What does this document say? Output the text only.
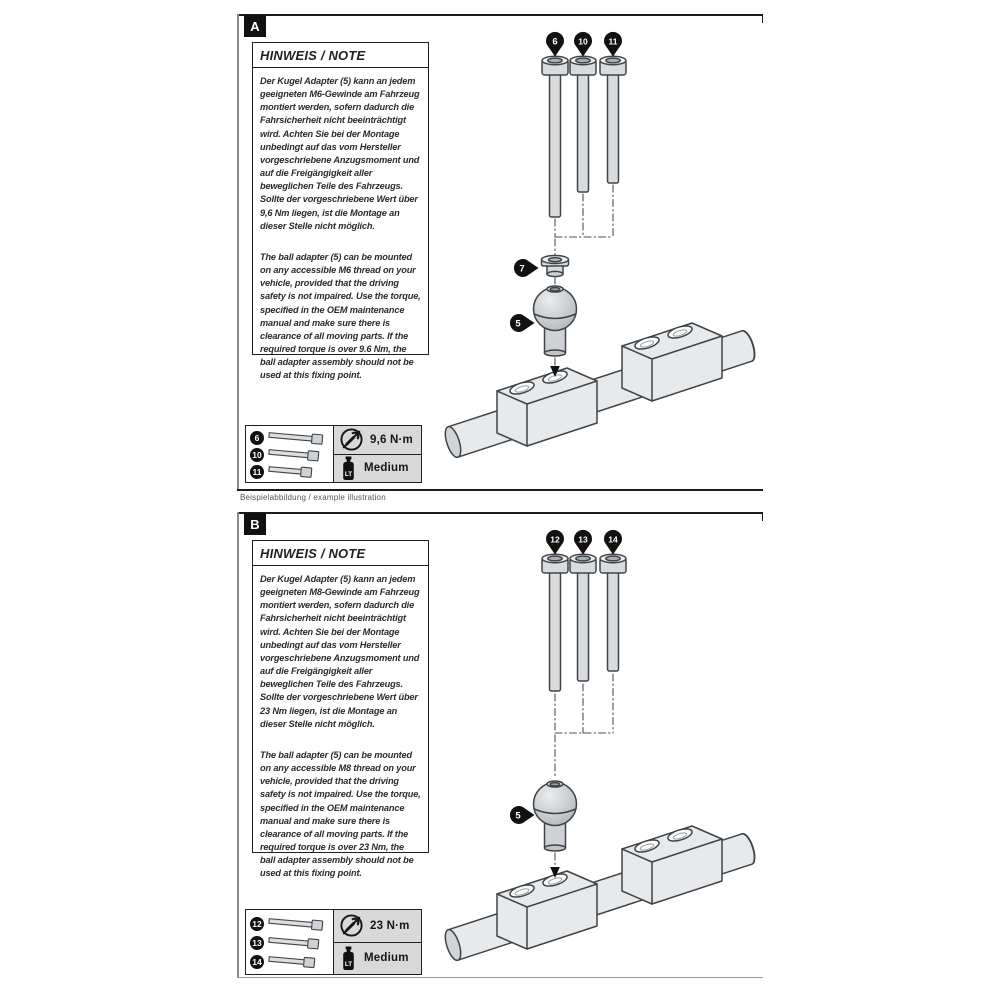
A
HINWEIS / NOTE

Der Kugel Adapter (5) kann an jedem geeigneten M6-Gewinde am Fahrzeug montiert werden, sofern dadurch die Fahrsicherheit nicht beeinträchtigt wird. Achten Sie bei der Montage unbedingt auf das vom Hersteller vorgeschriebene Anzugsmoment und auf die Freigängigkeit aller beweglichen Teile des Fahrzeugs. Sollte der vorgeschriebene Wert über 9,6 Nm liegen, ist die Montage an dieser Stelle nicht möglich.

The ball adapter (5) can be mounted on any accessible M6 thread on your vehicle, provided that the driving safety is not impaired. Use the torque, specified in the OEM maintenance manual and make sure there is clearance of all moving parts. If the required torque is over 9.6 Nm, the ball adapter assembly should not be used at this fixing point.

6 10 11
7
5
6
10
11
9,6 N·m
LT
Medium
Beispielabbildung / example illustration
B
HINWEIS / NOTE

Der Kugel Adapter (5) kann an jedem geeigneten M8-Gewinde am Fahrzeug montiert werden, sofern dadurch die Fahrsicherheit nicht beeinträchtigt wird. Achten Sie bei der Montage unbedingt auf das vom Hersteller vorgeschriebene Anzugsmoment und auf die Freigängigkeit aller beweglichen Teile des Fahrzeugs. Sollte der vorgeschriebene Wert über 23 Nm liegen, ist die Montage an dieser Stelle nicht möglich.

The ball adapter (5) can be mounted on any accessible M8 thread on your vehicle, provided that the driving safety is not impaired. Use the torque, specified in the OEM maintenance manual and make sure there is clearance of all moving parts. If the required torque is over 23 Nm, the ball adapter assembly should not be used at this fixing point.

12 13 14
5
12
13
14
23 N·m
LT
Medium
